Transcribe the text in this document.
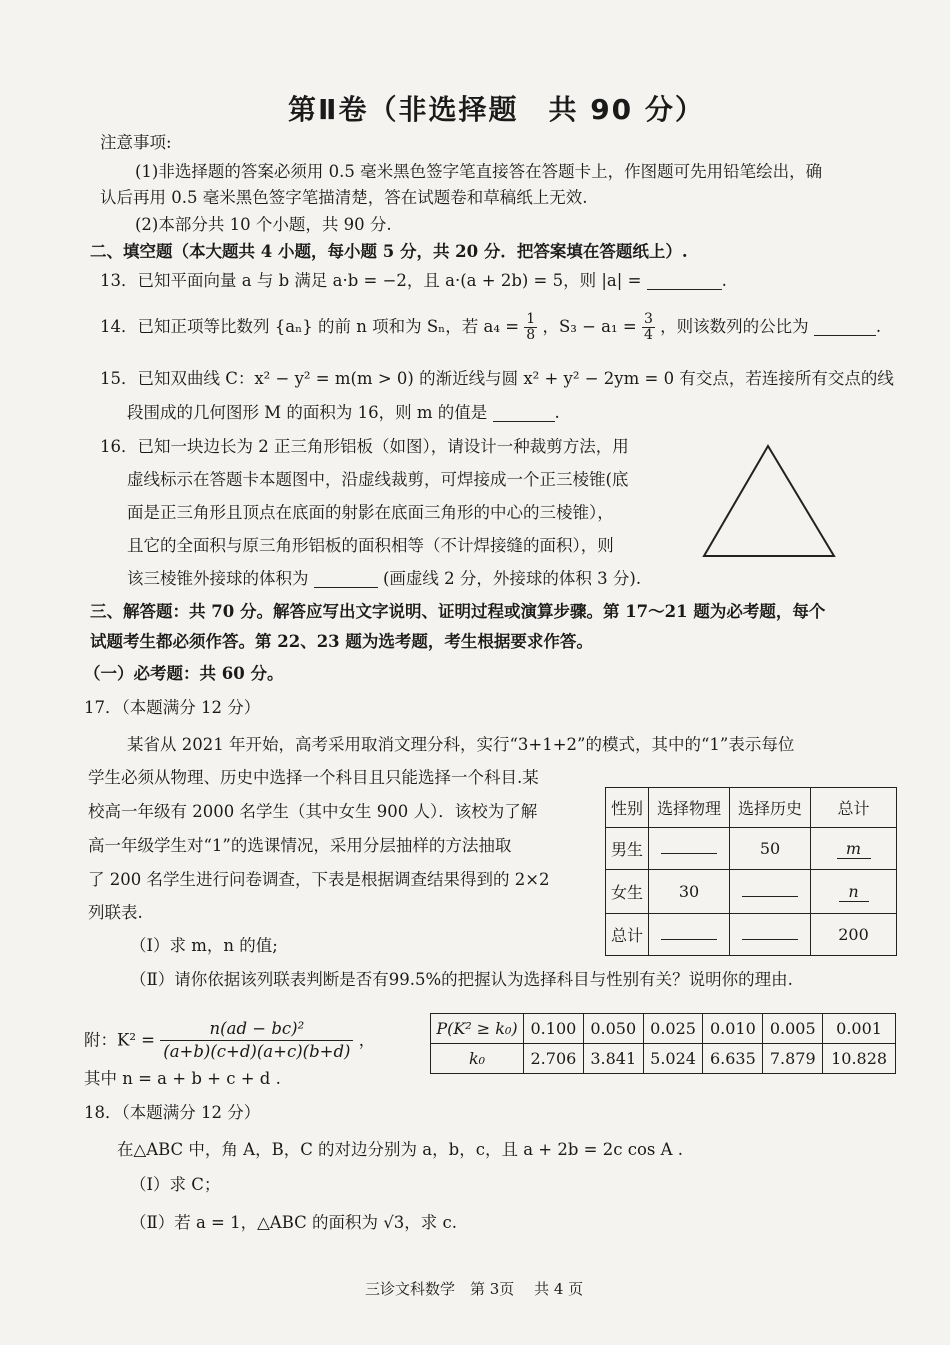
第Ⅱ卷（非选择题　共 90 分）
注意事项:
(1)非选择题的答案必须用 0.5 毫米黑色签字笔直接答在答题卡上，作图题可先用铅笔绘出，确
认后再用 0.5 毫米黑色签字笔描清楚，答在试题卷和草稿纸上无效.
(2)本部分共 10 个小题，共 90 分.
二、填空题（本大题共 4 小题，每小题 5 分，共 20 分．把答案填在答题纸上）.
13．已知平面向量 a 与 b 满足 a·b = −2，且 a·(a + 2b) = 5，则 |a| =	.
14．已知正项等比数列 {aₙ} 的前 n 项和为 Sₙ，若 $a_4 = \frac{1}{8}$ ，$S_3 - a_1 = \frac{3}{4}$ ，则该数列的公比为	.
15．已知双曲线 C：x² − y² = m(m > 0) 的渐近线与圆 x² + y² − 2ym = 0 有交点，若连接所有交点的线
段围成的几何图形 M 的面积为 16，则 m 的值是	.
16．已知一块边长为 2 正三角形铝板（如图），请设计一种裁剪方法，用
虚线标示在答题卡本题图中，沿虚线裁剪，可焊接成一个正三棱锥(底
面是正三角形且顶点在底面的射影在底面三角形的中心的三棱锥），
且它的全面积与原三角形铝板的面积相等（不计焊接缝的面积），则
该三棱锥外接球的体积为	(画虚线 2 分，外接球的体积 3 分).
三、解答题：共 70 分。解答应写出文字说明、证明过程或演算步骤。第 17～21 题为必考题，每个
试题考生都必须作答。第 22、23 题为选考题，考生根据要求作答。
（一）必考题：共 60 分。
17．（本题满分 12 分）
某省从 2021 年开始，高考采用取消文理分科，实行“3+1+2”的模式，其中的“1”表示每位
学生必须从物理、历史中选择一个科目且只能选择一个科目.某
校高一年级有 2000 名学生（其中女生 900 人）．该校为了解
高一年级学生对“1”的选课情况，采用分层抽样的方法抽取
了 200 名学生进行问卷调查，下表是根据调查结果得到的 2×2
列联表.
（Ⅰ）求 m，n 的值;
（Ⅱ）请你依据该列联表判断是否有99.5%的把握认为选择科目与性别有关？说明你的理由.
性别	选择物理	选择历史	总计
男生		50	m
女生	30		n
总计			200
附：$K^2 = \frac{\text{n(ad − bc)²}}{(a+b)(c+d)(a+c)(b+d)}$ ，
其中 n = a + b + c + d .
P(K² ≥ k₀)	0.100	0.050	0.025	0.010	0.005	0.001
k₀	2.706	3.841	5.024	6.635	7.879	10.828
18．（本题满分 12 分）
在△ABC 中，角 A，B，C 的对边分别为 a，b，c，且 a + 2b = 2c cos A .
（Ⅰ）求 C；
（Ⅱ）若 a = 1，△ABC 的面积为 √3，求 c.
三诊文科数学　第 3页　 共 4 页
